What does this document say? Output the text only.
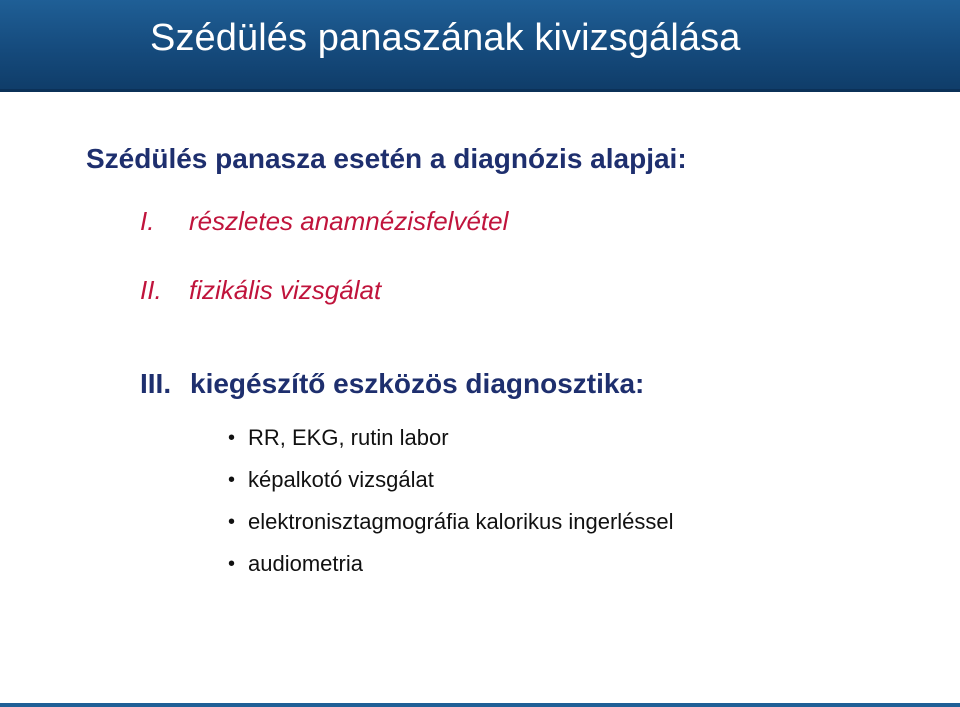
Szédülés panaszának kivizsgálása
Szédülés panasza esetén a diagnózis alapjai:
I. részletes anamnézisfelvétel
II. fizikális vizsgálat
III. kiegészítő eszközös diagnosztika:
• RR, EKG, rutin labor
• képalkotó vizsgálat
• elektronisztagmográfia kalorikus ingerléssel
• audiometria
